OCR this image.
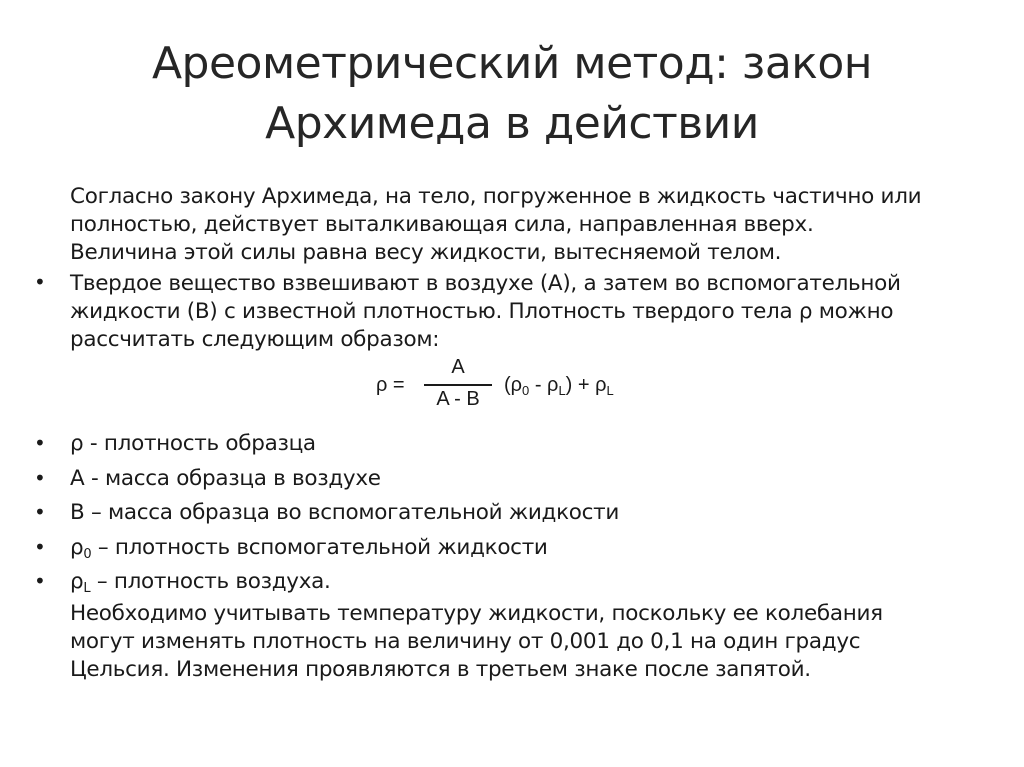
Ареометрический метод: закон
Архимеда в действии
Согласно закону Архимеда, на тело, погруженное в жидкость частично или
полностью, действует выталкивающая сила, направленная вверх.
Величина этой силы равна весу жидкости, вытесняемой телом.
• Твердое вещество взвешивают в воздухе (А), а затем во вспомогательной
жидкости (В) с известной плотностью. Плотность твердого тела ρ можно
рассчитать следующим образом:
ρ =
A
A - B
$(\rho_0 - \rho_L) + \rho_L$
• ρ - плотность образца
• А - масса образца в воздухе
• В – масса образца во вспомогательной жидкости
• $\rho_0$ – плотность вспомогательной жидкости
• $\rho_L$ – плотность воздуха.
Необходимо учитывать температуру жидкости, поскольку ее колебания
могут изменять плотность на величину от 0,001 до 0,1 на один градус
Цельсия. Изменения проявляются в третьем знаке после запятой.
